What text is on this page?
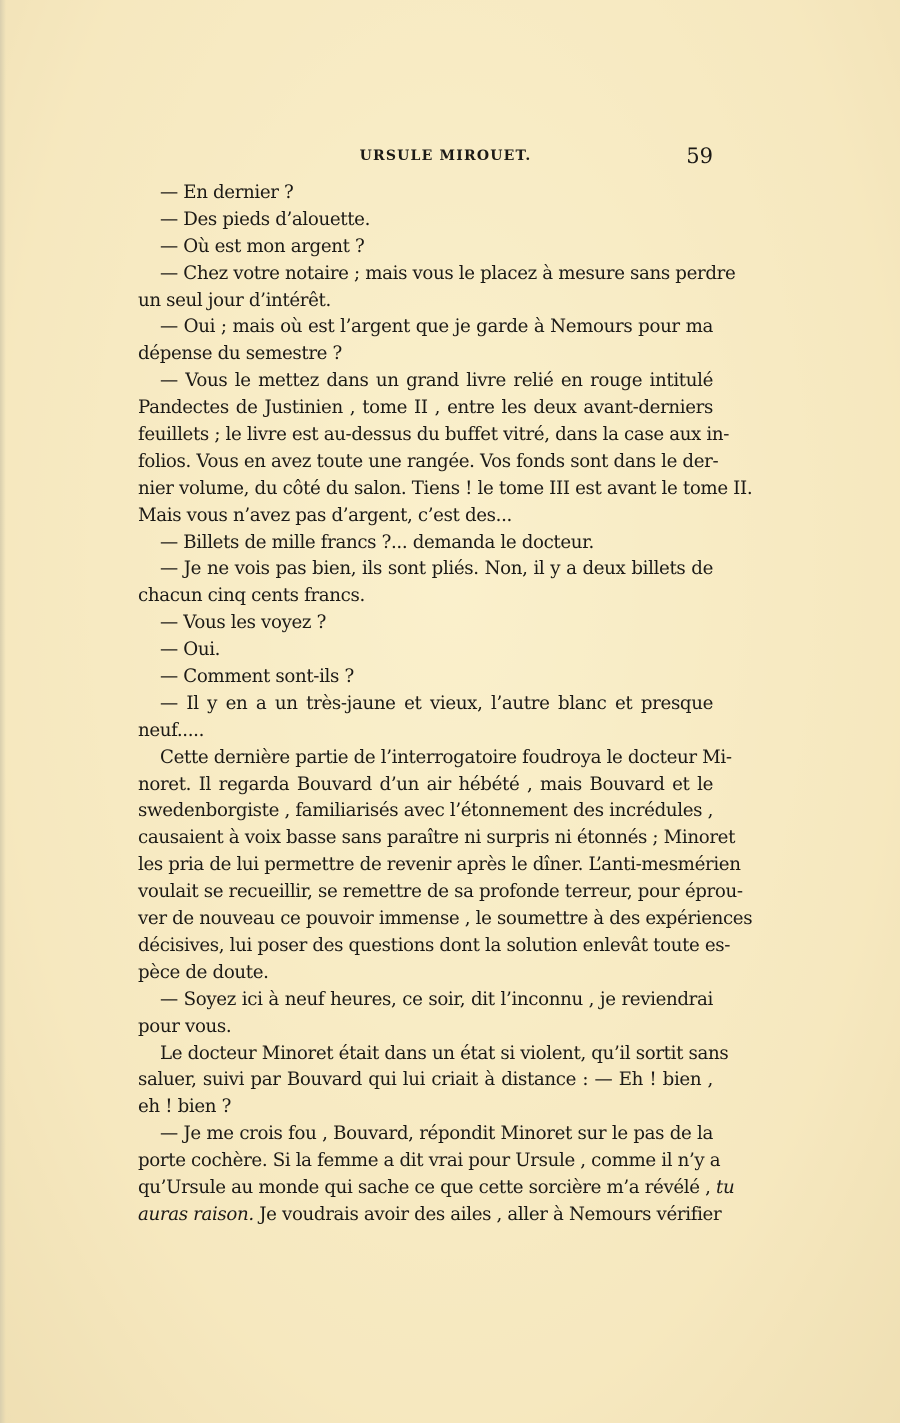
URSULE MIROUET.	59
— En dernier ?
— Des pieds d’alouette.
— Où est mon argent ?
— Chez votre notaire ; mais vous le placez à mesure sans perdre
un seul jour d’intérêt.
— Oui ; mais où est l’argent que je garde à Nemours pour ma
dépense du semestre ?
— Vous le mettez dans un grand livre relié en rouge intitulé
Pandectes de Justinien , tome II , entre les deux avant-derniers
feuillets ; le livre est au-dessus du buffet vitré, dans la case aux in-
folios. Vous en avez toute une rangée. Vos fonds sont dans le der-
nier volume, du côté du salon. Tiens ! le tome III est avant le tome II.
Mais vous n’avez pas d’argent, c’est des...
— Billets de mille francs ?... demanda le docteur.
— Je ne vois pas bien, ils sont pliés. Non, il y a deux billets de
chacun cinq cents francs.
— Vous les voyez ?
— Oui.
— Comment sont-ils ?
— Il y en a un très-jaune et vieux, l’autre blanc et presque
neuf.....
Cette dernière partie de l’interrogatoire foudroya le docteur Mi-
noret. Il regarda Bouvard d’un air hébété , mais Bouvard et le
swedenborgiste , familiarisés avec l’étonnement des incrédules ,
causaient à voix basse sans paraître ni surpris ni étonnés ; Minoret
les pria de lui permettre de revenir après le dîner. L’anti-mesmérien
voulait se recueillir, se remettre de sa profonde terreur, pour éprou-
ver de nouveau ce pouvoir immense , le soumettre à des expériences
décisives, lui poser des questions dont la solution enlevât toute es-
pèce de doute.
— Soyez ici à neuf heures, ce soir, dit l’inconnu , je reviendrai
pour vous.
Le docteur Minoret était dans un état si violent, qu’il sortit sans
saluer, suivi par Bouvard qui lui criait à distance : — Eh ! bien ,
eh ! bien ?
— Je me crois fou , Bouvard, répondit Minoret sur le pas de la
porte cochère. Si la femme a dit vrai pour Ursule , comme il n’y a
qu’Ursule au monde qui sache ce que cette sorcière m’a révélé , tu
auras raison. Je voudrais avoir des ailes , aller à Nemours vérifier
